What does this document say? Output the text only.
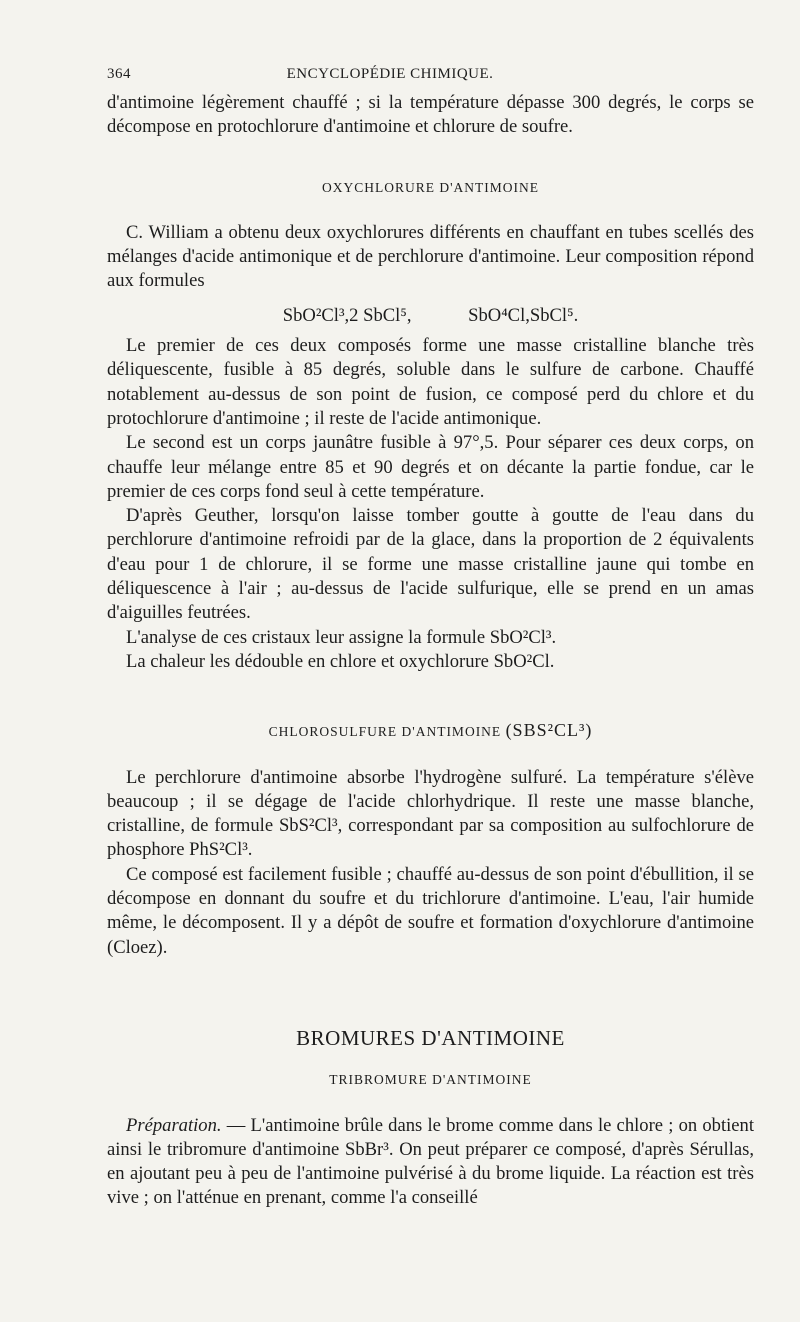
364	ENCYCLOPÉDIE CHIMIQUE.

d'antimoine légèrement chauffé ; si la température dépasse 300 degrés, le corps se décompose en protochlorure d'antimoine et chlorure de soufre.

OXYCHLORURE D'ANTIMOINE

C. William a obtenu deux oxychlorures différents en chauffant en tubes scellés des mélanges d'acide antimonique et de perchlorure d'antimoine. Leur composition répond aux formules

SbO²Cl³,2 SbCl⁵,	SbO⁴Cl,SbCl⁵.

Le premier de ces deux composés forme une masse cristalline blanche très déliquescente, fusible à 85 degrés, soluble dans le sulfure de carbone. Chauffé notablement au-dessus de son point de fusion, ce composé perd du chlore et du protochlorure d'antimoine ; il reste de l'acide antimonique.

Le second est un corps jaunâtre fusible à 97°,5. Pour séparer ces deux corps, on chauffe leur mélange entre 85 et 90 degrés et on décante la partie fondue, car le premier de ces corps fond seul à cette température.

D'après Geuther, lorsqu'on laisse tomber goutte à goutte de l'eau dans du perchlorure d'antimoine refroidi par de la glace, dans la proportion de 2 équivalents d'eau pour 1 de chlorure, il se forme une masse cristalline jaune qui tombe en déliquescence à l'air ; au-dessus de l'acide sulfurique, elle se prend en un amas d'aiguilles feutrées.

L'analyse de ces cristaux leur assigne la formule SbO²Cl³.

La chaleur les dédouble en chlore et oxychlorure SbO²Cl.

CHLOROSULFURE D'ANTIMOINE (SBS²CL³)

Le perchlorure d'antimoine absorbe l'hydrogène sulfuré. La température s'élève beaucoup ; il se dégage de l'acide chlorhydrique. Il reste une masse blanche, cristalline, de formule SbS²Cl³, correspondant par sa composition au sulfochlorure de phosphore PhS²Cl³.

Ce composé est facilement fusible ; chauffé au-dessus de son point d'ébullition, il se décompose en donnant du soufre et du trichlorure d'antimoine. L'eau, l'air humide même, le décomposent. Il y a dépôt de soufre et formation d'oxychlorure d'antimoine (Cloez).

BROMURES D'ANTIMOINE
TRIBROMURE D'ANTIMOINE

Préparation. — L'antimoine brûle dans le brome comme dans le chlore ; on obtient ainsi le tribromure d'antimoine SbBr³. On peut préparer ce composé, d'après Sérullas, en ajoutant peu à peu de l'antimoine pulvérisé à du brome liquide. La réaction est très vive ; on l'atténue en prenant, comme l'a conseillé
